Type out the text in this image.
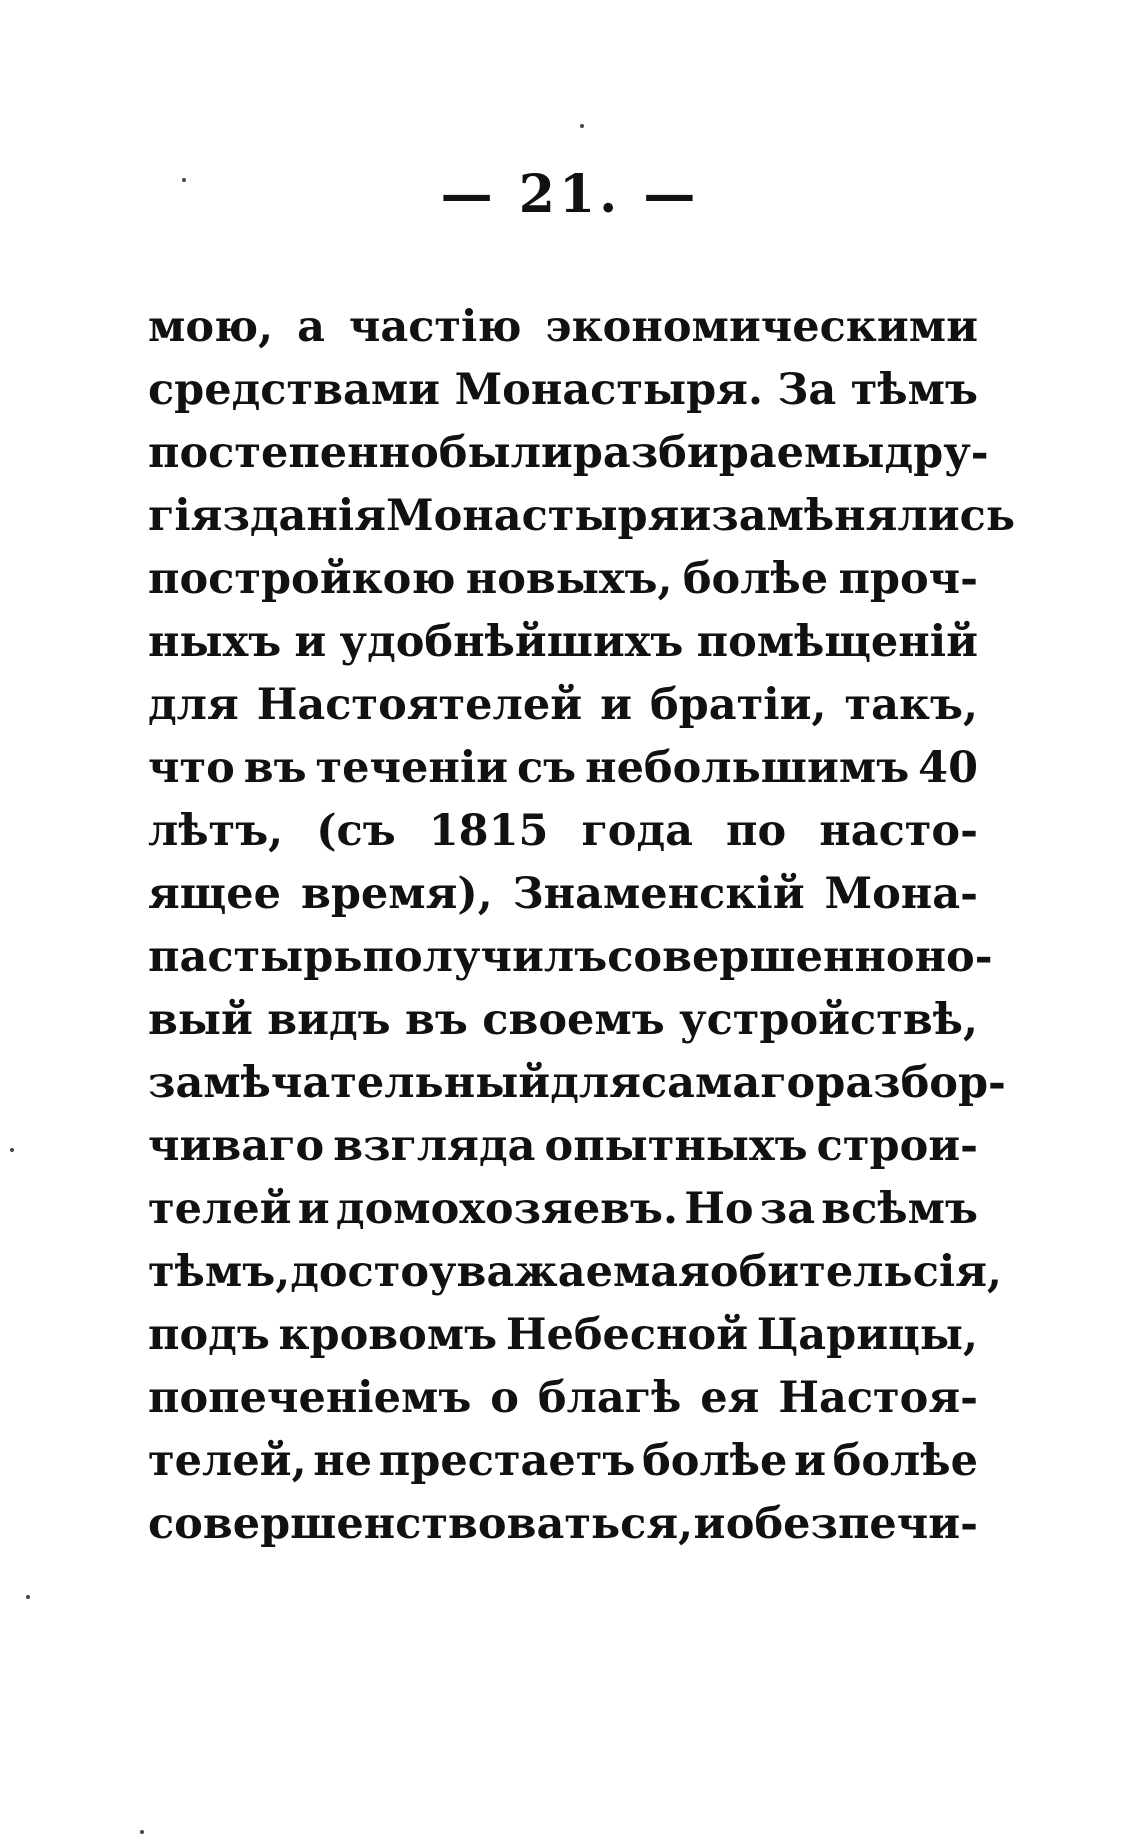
— 21. —
мою, а частію экономическими
средствами Монастыря. За тѣмъ
постепенно были разбираемы дру-
гія зданія Монастыря и замѣнялись
постройкою новыхъ, болѣе проч-
ныхъ и удобнѣйшихъ помѣщеній
для Настоятелей и братіи, такъ,
что въ теченіи съ небольшимъ 40
лѣтъ, (съ 1815 года по насто-
ящее время), Знаменскій Мона-
пастырь получилъ совершенно но-
вый видъ въ своемъ устройствѣ,
замѣчательный для самаго разбор-
чиваго взгляда опытныхъ строи-
телей и домохозяевъ. Но за всѣмъ
тѣмъ, достоуважаемая обитель сія,
подъ кровомъ Небесной Царицы,
попеченіемъ о благѣ ея Настоя-
телей, не престаетъ болѣе и болѣе
совершенствоваться, и обезпечи-
